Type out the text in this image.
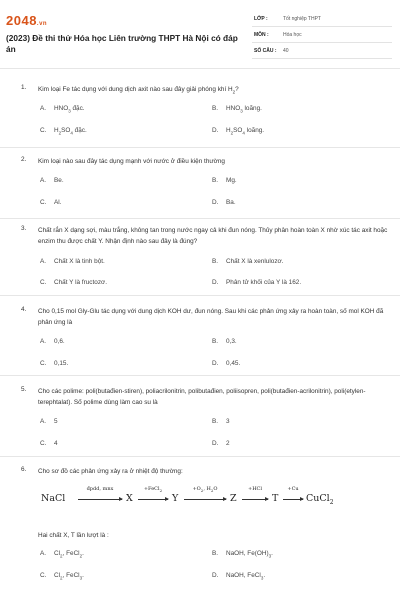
2048.vn
(2023) Đề thi thử Hóa học Liên trường THPT Hà Nội có đáp án
LỚP :	Tốt nghiệp THPT
MÔN :	Hóa học
SỐ CÂU : 40
1. Kim loại Fe tác dụng với dung dịch axit nào sau đây giải phóng khí $H_2$?
A. $HNO_3$ đặc.	B. $HNO_3$ loãng.
C. $H_2SO_4$ đặc.	D. $H_2SO_4$ loãng.
2. Kim loại nào sau đây tác dụng mạnh với nước ở điều kiện thường
A. Be.	B. Mg.
C. Al.	D. Ba.
3. Chất rắn X dạng sợi, màu trắng, không tan trong nước ngay cả khi đun nóng. Thủy phân hoàn toàn X nhờ xúc tác axit hoặc enzim thu được chất Y. Nhận định nào sau đây là đúng?
A. Chất X là tinh bột.	B. Chất X là xenlulozơ.
C. Chất Y là fructozơ.	D. Phân tử khối của Y là 162.
4. Cho 0,15 mol Gly-Glu tác dụng với dung dịch KOH dư, đun nóng. Sau khi các phản ứng xảy ra hoàn toàn, số mol KOH đã phản ứng là
A. 0,6.	B. 0,3.
C. 0,15.	D. 0,45.
5. Cho các polime: poli(butađien-stiren), poliacrilonitrin, polibutađien, poliisopren, poli(butađien-acrilonitrin), poli(etylen-terephtalat). Số polime dùng làm cao su là
A. 5	B. 3
C. 4	D. 2
6. Cho sơ đồ các phản ứng xảy ra ở nhiệt độ thường:
NaCl
đpdd, mnx
→ X
+FeCl$_2$
→ Y
$+O_2$, $H_2O$
→ Z
+HCl
→ T
+Cu
→ CuCl$_2$
Hai chất X, T lần lượt là :
A. $Cl_2$, FeCl$_2$.	B. NaOH, $Fe(OH)_3$.
C. $Cl_2$, FeCl$_3$.	D. NaOH, FeCl$_3$.
